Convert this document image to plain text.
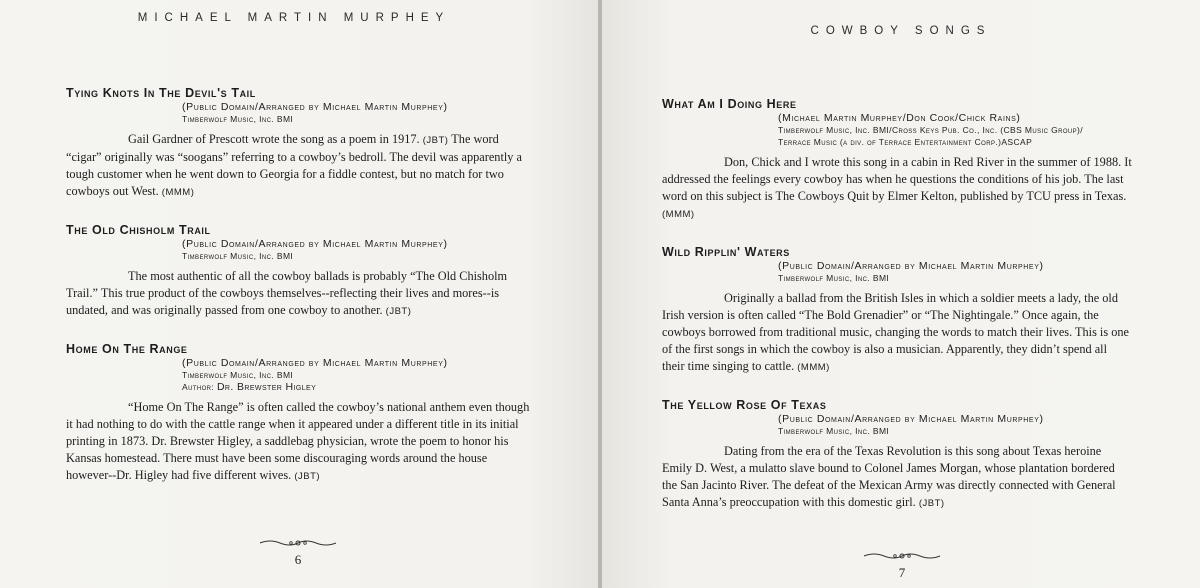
MICHAEL MARTIN MURPHEY
Tying Knots In The Devil's Tail
(Public Domain/Arranged by Michael Martin Murphey)
Timberwolf Music, Inc. BMI
Gail Gardner of Prescott wrote the song as a poem in 1917. (JBT) The word “cigar” originally was “soogans” referring to a cowboy’s bedroll. The devil was apparently a tough customer when he went down to Georgia for a fiddle contest, but no match for two cowboys out West. (MMM)
The Old Chisholm Trail
(Public Domain/Arranged by Michael Martin Murphey)
Timberwolf Music, Inc. BMI
The most authentic of all the cowboy ballads is probably “The Old Chisholm Trail.” This true product of the cowboys themselves--reflecting their lives and mores--is undated, and was originally passed from one cowboy to another. (JBT)
Home On The Range
(Public Domain/Arranged by Michael Martin Murphey)
Timberwolf Music, Inc. BMI
Author: Dr. Brewster Higley
“Home On The Range” is often called the cowboy’s national anthem even though it had nothing to do with the cattle range when it appeared under a different title in its initial printing in 1873. Dr. Brewster Higley, a saddlebag physician, wrote the poem to honor his Kansas homestead. There must have been some discouraging words around the house however--Dr. Higley had five different wives. (JBT)
6
COWBOY SONGS
What Am I Doing Here
(Michael Martin Murphey/Don Cook/Chick Rains)
Timberwolf Music, Inc. BMI/Cross Keys Pub. Co., Inc. (CBS Music Group)/
Terrace Music (a div. of Terrace Entertainment Corp.)ASCAP
Don, Chick and I wrote this song in a cabin in Red River in the summer of 1988. It addressed the feelings every cowboy has when he questions the conditions of his job. The last word on this subject is The Cowboys Quit by Elmer Kelton, published by TCU press in Texas. (MMM)
Wild Ripplin' Waters
(Public Domain/Arranged by Michael Martin Murphey)
Timberwolf Music, Inc. BMI
Originally a ballad from the British Isles in which a soldier meets a lady, the old Irish version is often called “The Bold Grenadier” or “The Nightingale.” Once again, the cowboys borrowed from traditional music, changing the words to match their lives. This is one of the first songs in which the cowboy is also a musician. Apparently, they didn’t spend all their time singing to cattle. (MMM)
The Yellow Rose Of Texas
(Public Domain/Arranged by Michael Martin Murphey)
Timberwolf Music, Inc. BMI
Dating from the era of the Texas Revolution is this song about Texas heroine Emily D. West, a mulatto slave bound to Colonel James Morgan, whose plantation bordered the San Jacinto River. The defeat of the Mexican Army was directly connected with General Santa Anna’s preoccupation with this domestic girl. (JBT)
7
